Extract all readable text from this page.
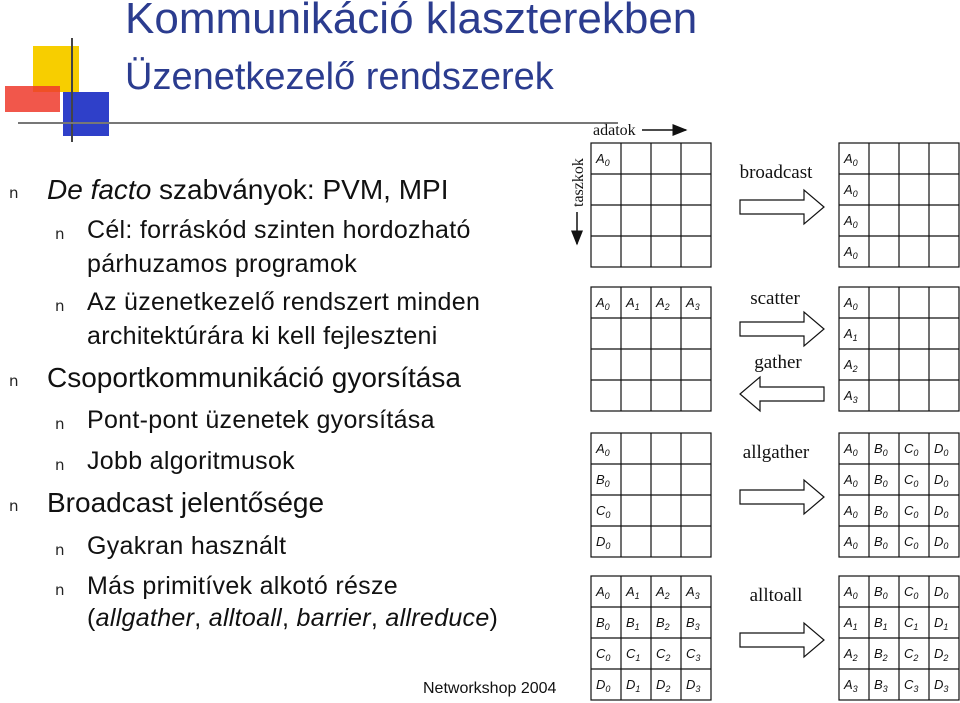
Kommunikáció klaszterekben
Üzenetkezelő rendszerek
n De facto szabványok: PVM, MPI
n Cél: forráskód szinten hordozható
párhuzamos programok
n Az üzenetkezelő rendszert minden
architektúrára ki kell fejleszteni
n Csoportkommunikáció gyorsítása
n Pont-pont üzenetek gyorsítása
n Jobb algoritmusok
n Broadcast jelentősége
n Gyakran használt
n Más primitívek alkotó része
(allgather, alltoall, barrier, allreduce)
Networkshop 2004
adatok
taszkok $A_0$	$A_0$
$A_0$
$A_0$
$A_0$
broadcast
$A_0$ $A_1$ $A_2$ $A_3$	$A_0$
$A_1$
$A_2$
$A_3$
scatter
gather
$A_0$
$B_0$
$C_0$
$D_0$
$A_0$ $B_0$ $C_0$ $D_0$
$A_0$ $B_0$ $C_0$ $D_0$
$A_0$ $B_0$ $C_0$ $D_0$
$A_0$ $B_0$ $C_0$ $D_0$
allgather
$A_0$ $A_1$ $A_2$ $A_3$
$B_0$ $B_1$ $B_2$ $B_3$
$C_0$ $C_1$ $C_2$ $C_3$
$D_0$ $D_1$ $D_2$ $D_3$
$A_0$ $B_0$ $C_0$ $D_0$
$A_1$ $B_1$ $C_1$ $D_1$
$A_2$ $B_2$ $C_2$ $D_2$
$A_3$ $B_3$ $C_3$ $D_3$
alltoall
